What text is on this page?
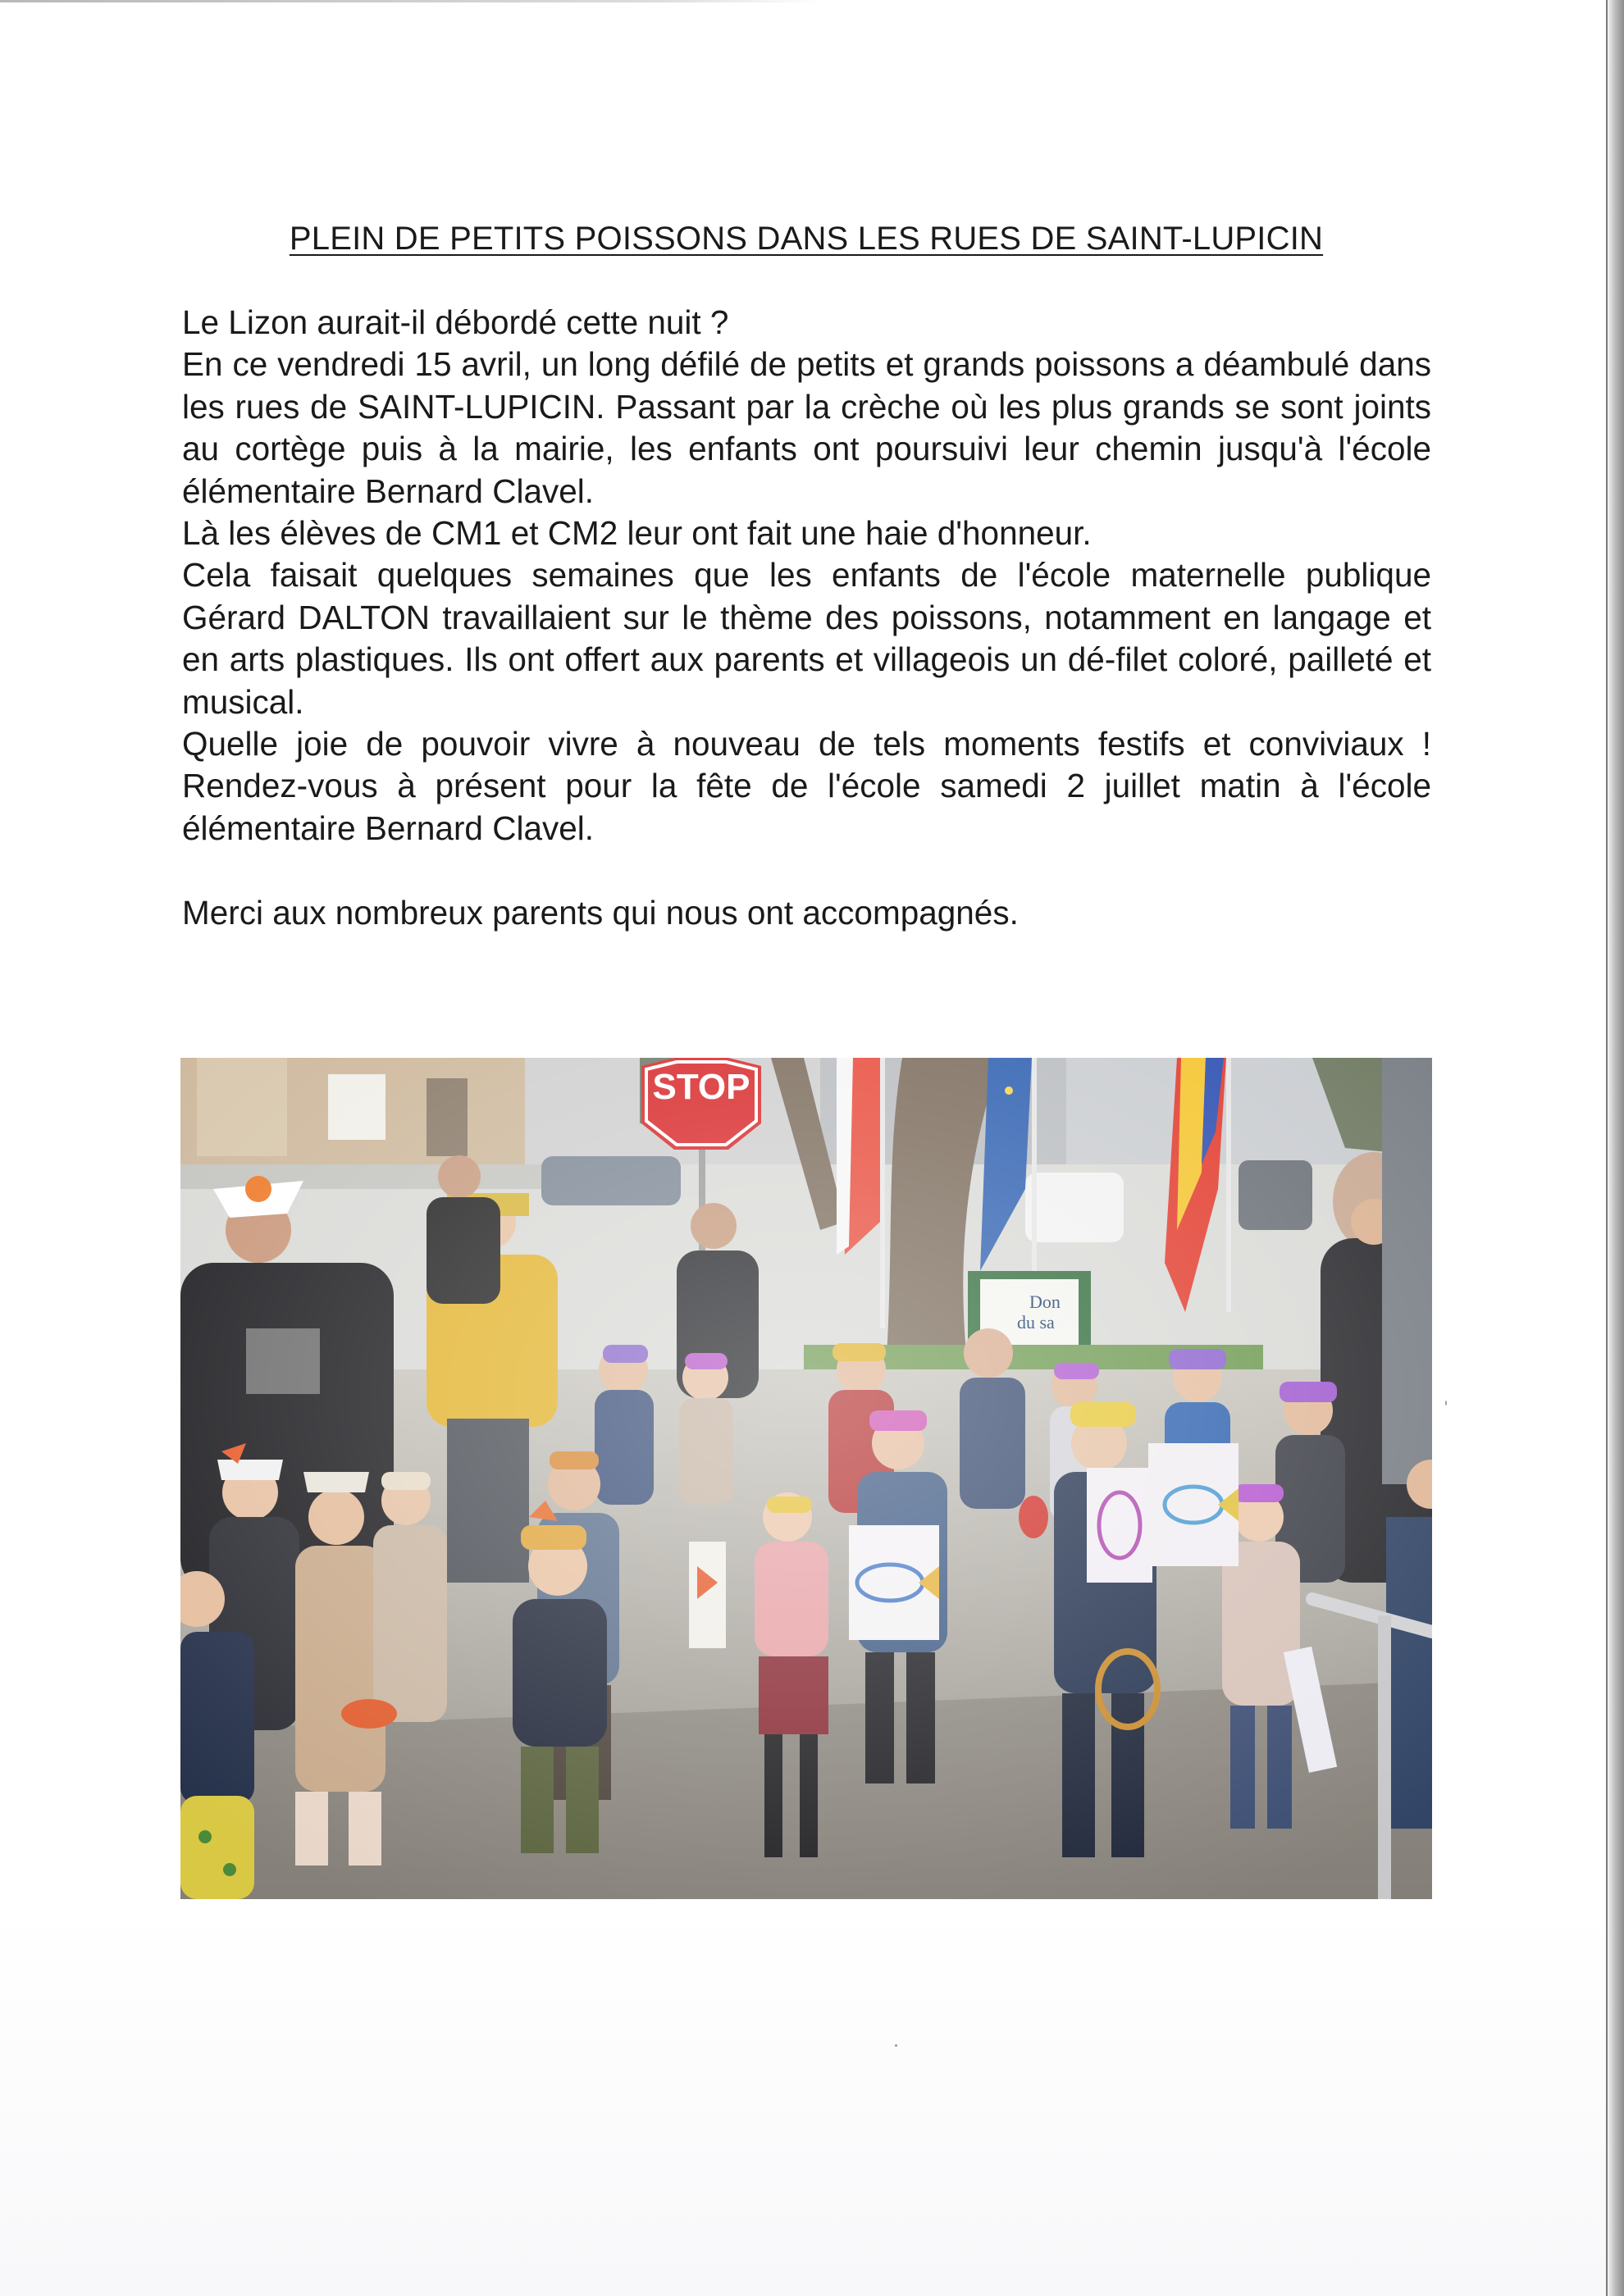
PLEIN DE PETITS POISSONS DANS LES RUES DE SAINT-LUPICIN

Le Lizon aurait-il débordé cette nuit ?

En ce vendredi 15 avril, un long défilé de petits et grands poissons a déambulé dans les rues de SAINT-LUPICIN. Passant par la crèche où les plus grands se sont joints au cortège puis à la mairie, les enfants ont poursuivi leur chemin jusqu'à l'école élémentaire Bernard Clavel.

Là les élèves de CM1 et CM2 leur ont fait une haie d'honneur.

Cela faisait quelques semaines que les enfants de l'école maternelle publique Gérard DALTON travaillaient sur le thème des poissons, notamment en langage et en arts plastiques. Ils ont offert aux parents et villageois un dé-filet coloré, pailleté et musical.

Quelle joie de pouvoir vivre à nouveau de tels moments festifs et conviviaux ! Rendez-vous à présent pour la fête de l'école samedi 2 juillet matin à l'école élémentaire Bernard Clavel.

Merci aux nombreux parents qui nous ont accompagnés.
